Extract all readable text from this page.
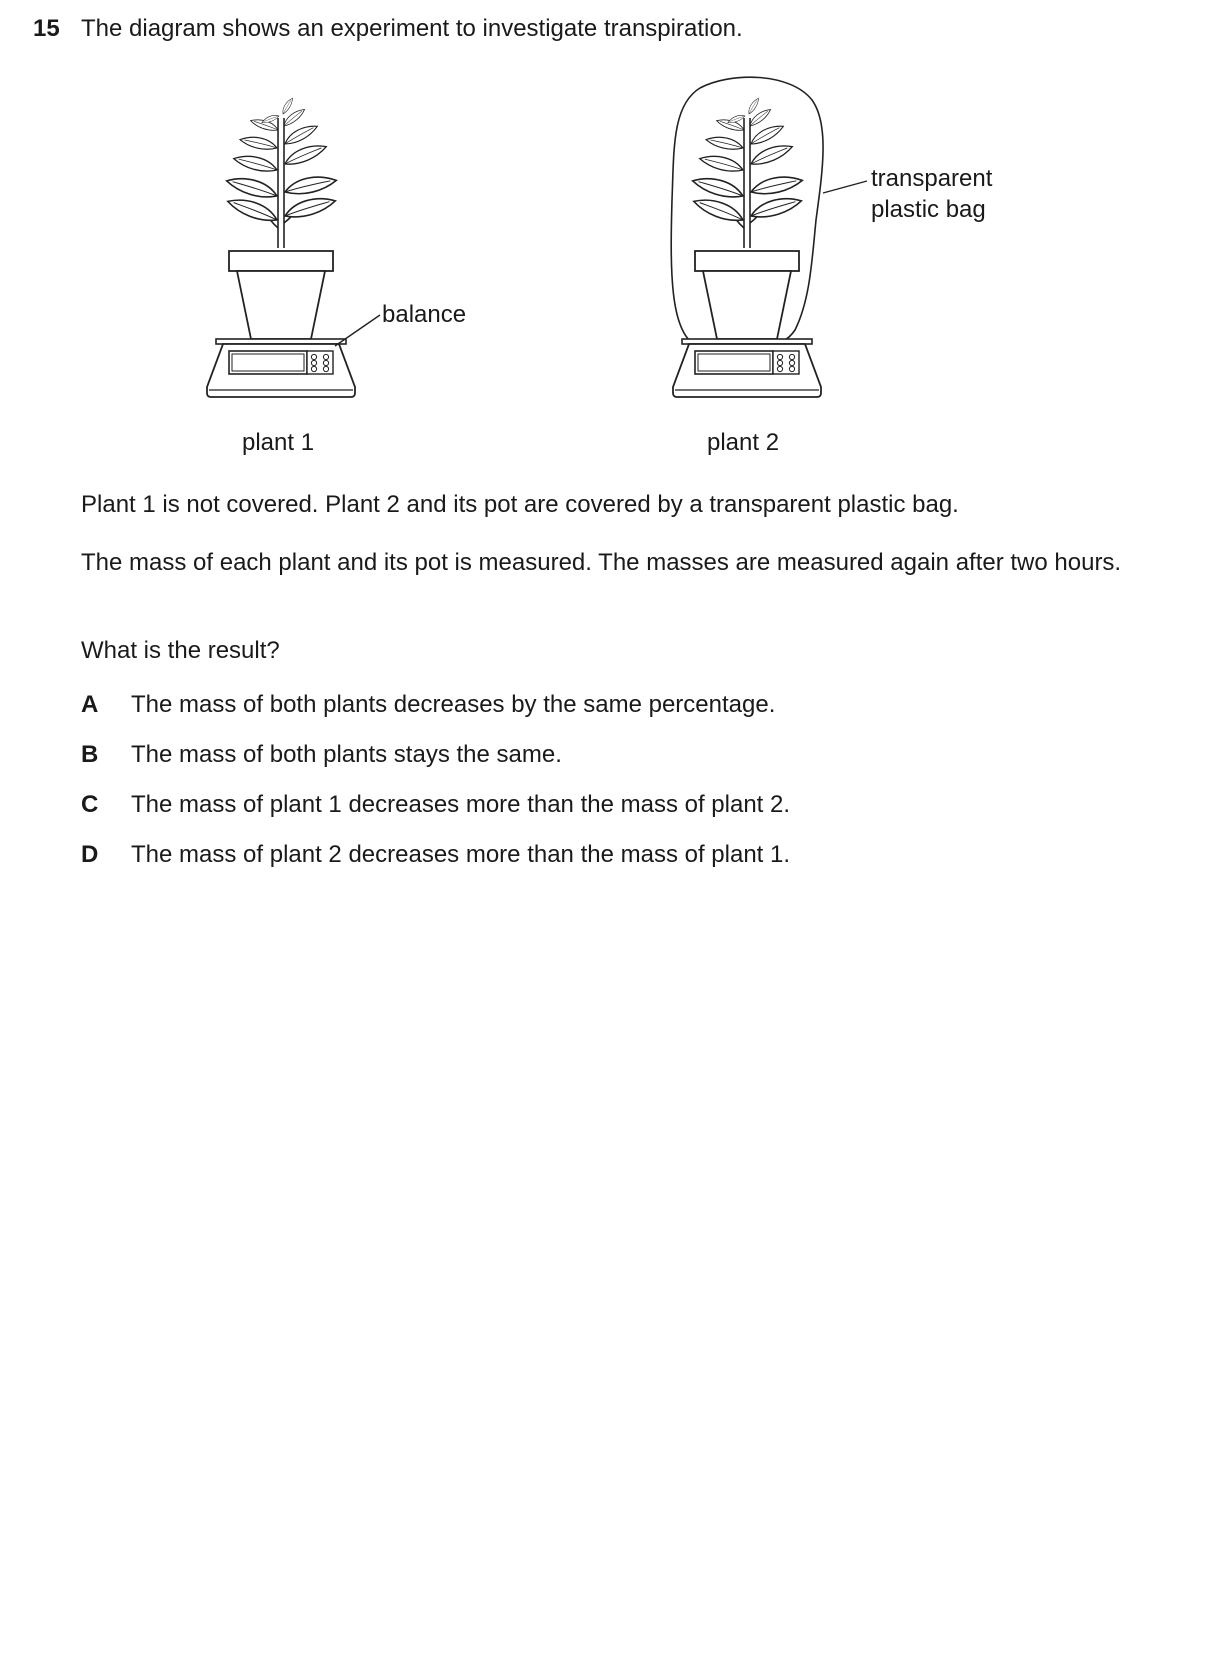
15 The diagram shows an experiment to investigate transpiration.
balance
transparent
plastic bag
plant 1	plant 2
Plant 1 is not covered. Plant 2 and its pot are covered by a transparent plastic bag.
The mass of each plant and its pot is measured. The masses are measured again after two hours.
What is the result?
A The mass of both plants decreases by the same percentage.
B The mass of both plants stays the same.
C The mass of plant 1 decreases more than the mass of plant 2.
D The mass of plant 2 decreases more than the mass of plant 1.
